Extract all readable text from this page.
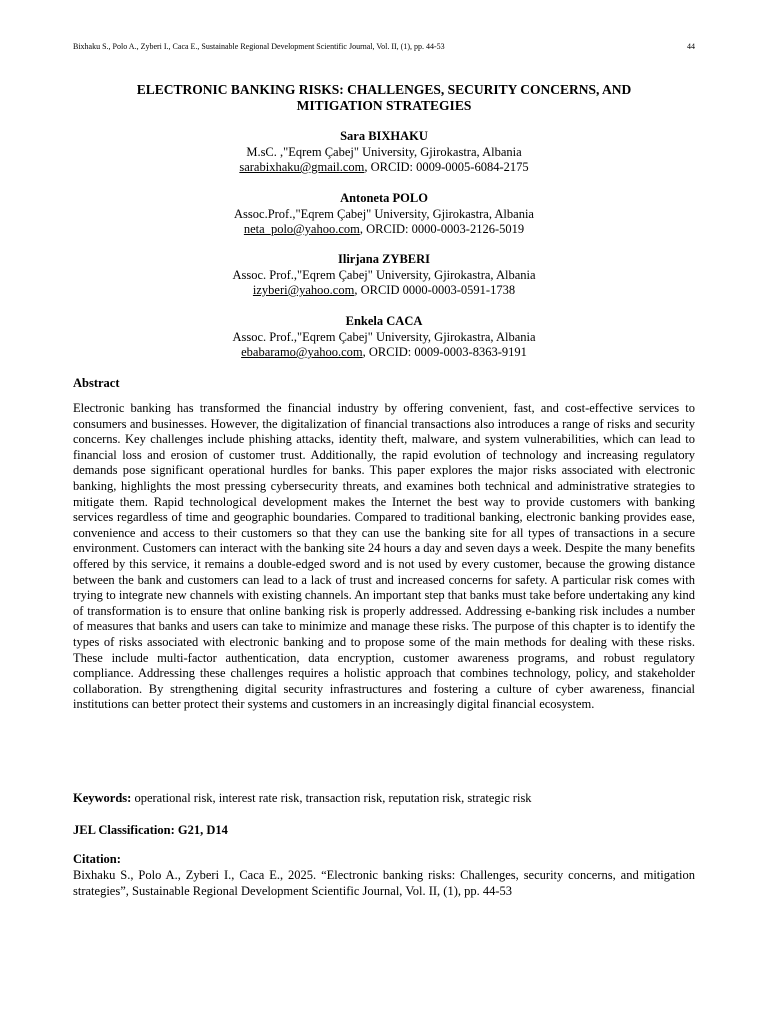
Bixhaku S., Polo A., Zyberi I., Caca E., Sustainable Regional Development Scientific Journal, Vol. II, (1), pp. 44-53	44
ELECTRONIC BANKING RISKS: CHALLENGES, SECURITY CONCERNS, AND
MITIGATION STRATEGIES
Sara BIXHAKU
M.sC. ,"Eqrem Çabej" University, Gjirokastra, Albania
sarabixhaku@gmail.com, ORCID: 0009-0005-6084-2175
Antoneta POLO
Assoc.Prof.,"Eqrem Çabej" University, Gjirokastra, Albania
neta_polo@yahoo.com, ORCID: 0000-0003-2126-5019
Ilirjana ZYBERI
Assoc. Prof.,"Eqrem Çabej" University, Gjirokastra, Albania
izyberi@yahoo.com, ORCID 0000-0003-0591-1738
Enkela CACA
Assoc. Prof.,"Eqrem Çabej" University, Gjirokastra, Albania
ebabaramo@yahoo.com, ORCID: 0009-0003-8363-9191
Abstract
Electronic banking has transformed the financial industry by offering convenient, fast, and cost-effective services to consumers and businesses. However, the digitalization of financial transactions also introduces a range of risks and security concerns. Key challenges include phishing attacks, identity theft, malware, and system vulnerabilities, which can lead to financial loss and erosion of customer trust. Additionally, the rapid evolution of technology and increasing regulatory demands pose significant operational hurdles for banks. This paper explores the major risks associated with electronic banking, highlights the most pressing cybersecurity threats, and examines both technical and administrative strategies to mitigate them. Rapid technological development makes the Internet the best way to provide customers with banking services regardless of time and geographic boundaries. Compared to traditional banking, electronic banking provides ease, convenience and access to their customers so that they can use the banking site for all types of transactions in a secure environment. Customers can interact with the banking site 24 hours a day and seven days a week. Despite the many benefits offered by this service, it remains a double-edged sword and is not used by every customer, because the growing distance between the bank and customers can lead to a lack of trust and increased concerns for safety. A particular risk comes with trying to integrate new channels with existing channels. An important step that banks must take before undertaking any kind of transformation is to ensure that online banking risk is properly addressed. Addressing e-banking risk includes a number of measures that banks and users can take to minimize and manage these risks. The purpose of this chapter is to identify the types of risks associated with electronic banking and to propose some of the main methods for dealing with these risks. These include multi-factor authentication, data encryption, customer awareness programs, and robust regulatory compliance. Addressing these challenges requires a holistic approach that combines technology, policy, and stakeholder collaboration. By strengthening digital security infrastructures and fostering a culture of cyber awareness, financial institutions can better protect their systems and customers in an increasingly digital financial ecosystem.
Keywords: operational risk, interest rate risk, transaction risk, reputation risk, strategic risk
JEL Classification: G21, D14
Citation:
Bixhaku S., Polo A., Zyberi I., Caca E., 2025. “Electronic banking risks: Challenges, security concerns, and mitigation strategies”, Sustainable Regional Development Scientific Journal, Vol. II, (1), pp. 44-53
